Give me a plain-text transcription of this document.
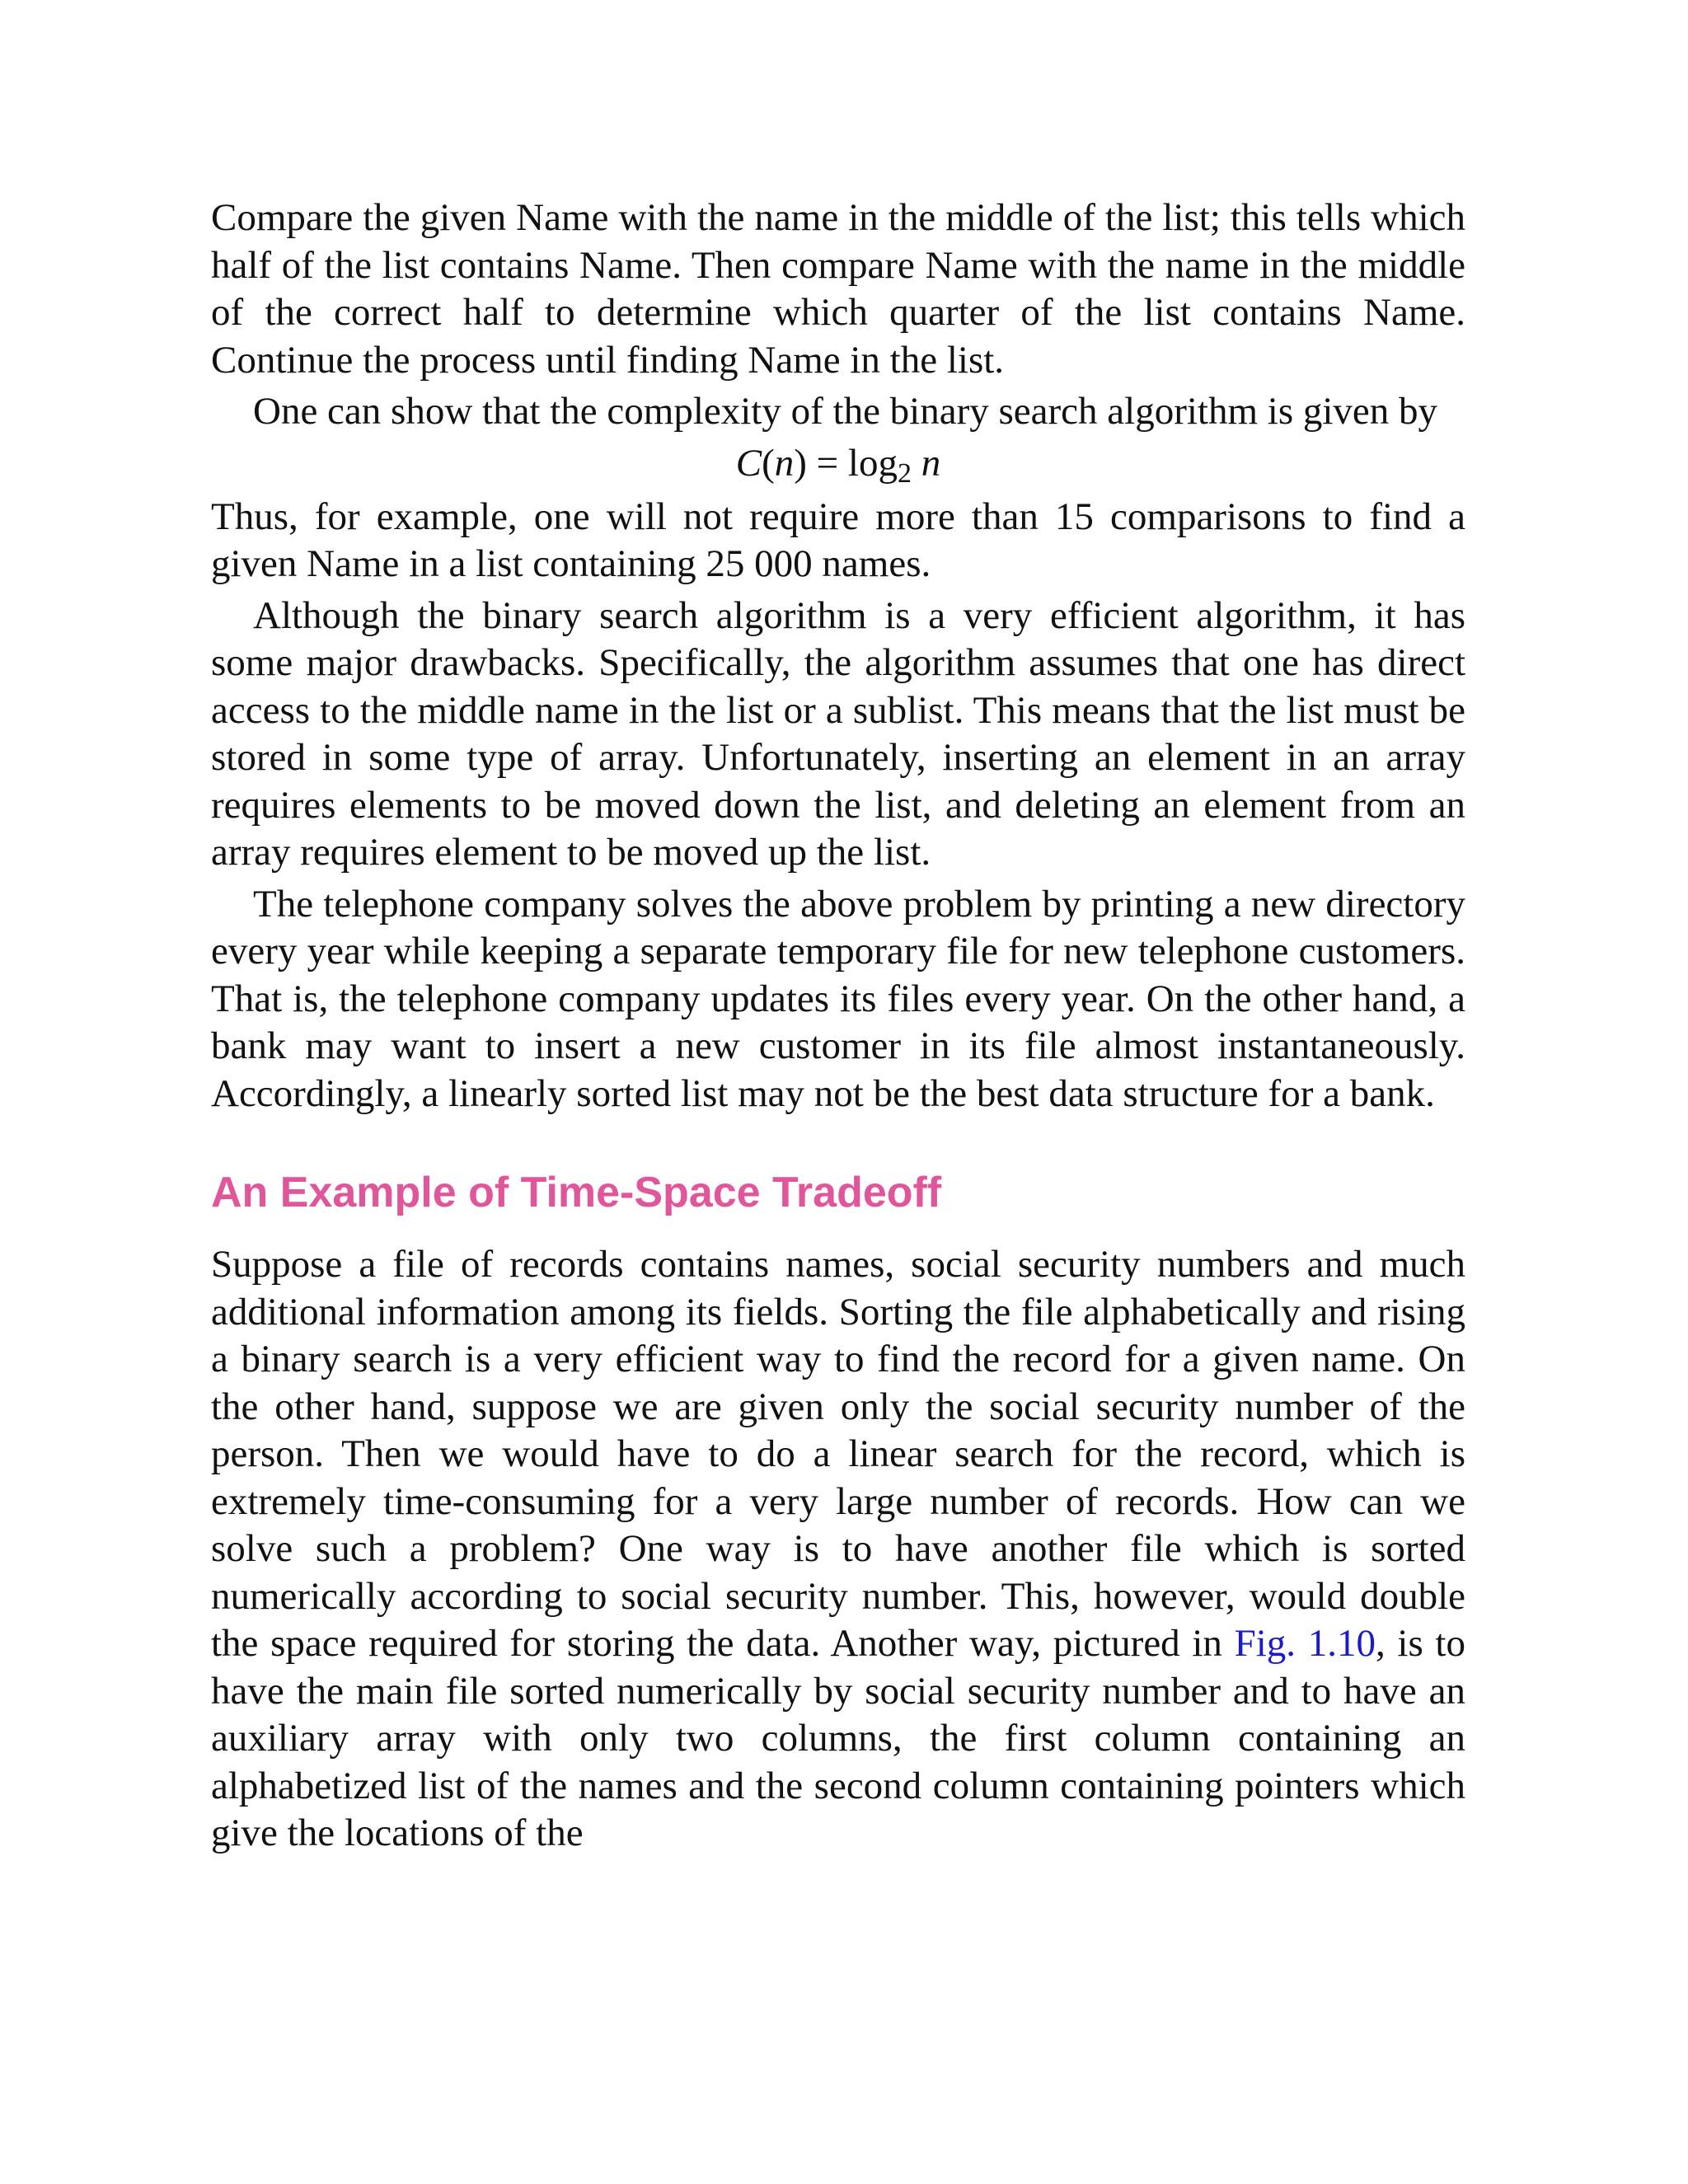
Compare the given Name with the name in the middle of the list; this tells which half of the list contains Name. Then compare Name with the name in the middle of the correct half to determine which quarter of the list contains Name. Continue the process until finding Name in the list.

One can show that the complexity of the binary search algorithm is given by

$C(n) = \log_2 n$

Thus, for example, one will not require more than 15 comparisons to find a given Name in a list containing 25 000 names.

Although the binary search algorithm is a very efficient algorithm, it has some major drawbacks. Specifically, the algorithm assumes that one has direct access to the middle name in the list or a sublist. This means that the list must be stored in some type of array. Unfortunately, inserting an element in an array requires elements to be moved down the list, and deleting an element from an array requires element to be moved up the list.

The telephone company solves the above problem by printing a new directory every year while keeping a separate temporary file for new telephone customers. That is, the telephone company updates its files every year. On the other hand, a bank may want to insert a new customer in its file almost instantaneously. Accordingly, a linearly sorted list may not be the best data structure for a bank.

An Example of Time-Space Tradeoff

Suppose a file of records contains names, social security numbers and much additional information among its fields. Sorting the file alphabetically and rising a binary search is a very efficient way to find the record for a given name. On the other hand, suppose we are given only the social security number of the person. Then we would have to do a linear search for the record, which is extremely time-consuming for a very large number of records. How can we solve such a problem? One way is to have another file which is sorted numerically according to social security number. This, however, would double the space required for storing the data. Another way, pictured in Fig. 1.10, is to have the main file sorted numerically by social security number and to have an auxiliary array with only two columns, the first column containing an alphabetized list of the names and the second column containing pointers which give the locations of the
